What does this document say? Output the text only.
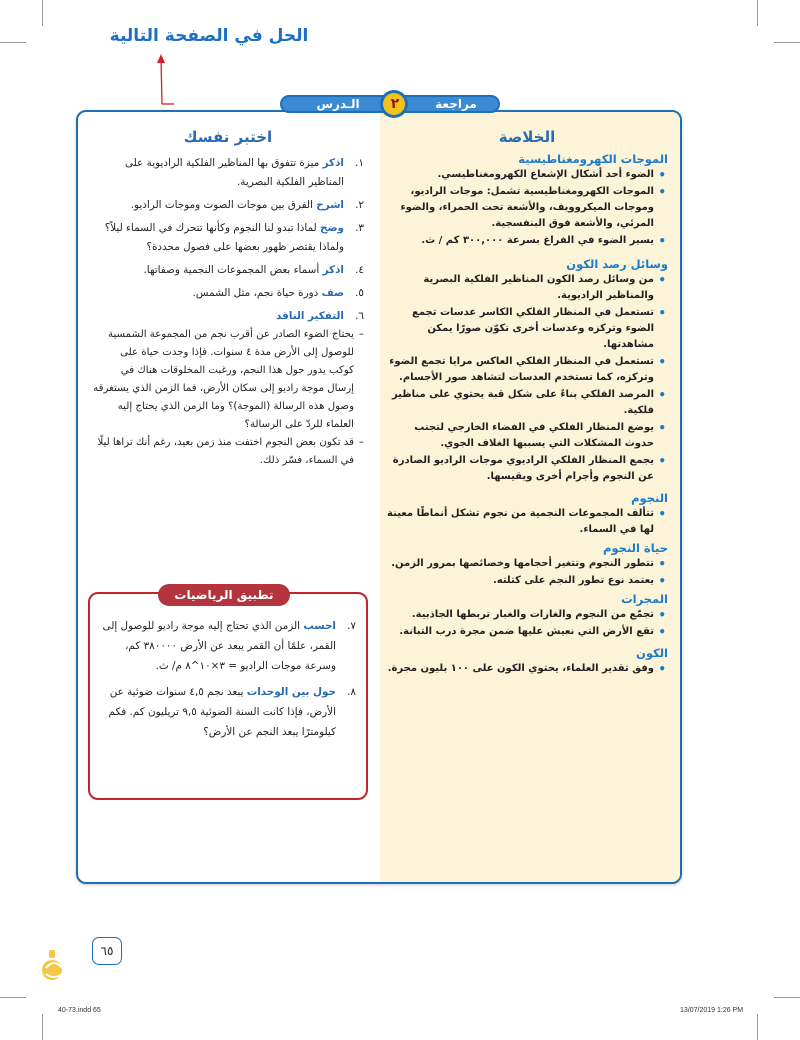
الحل في الصفحة التالية
الـدرس	٢	مراجعة
الخلاصة
الموجات الكهرومغناطيسية
• الضوء أحد أشكال الإشعاع الكهرومغناطيسي.
• الموجات الكهرومغناطيسية تشمل: موجات الراديو، وموجات الميكروويف، والأشعة تحت الحمراء، والضوء المرئي، والأشعة فوق البنفسجية.
• يسير الضوء في الفراغ بسرعة ٣٠٠,٠٠٠ كم / ث.
وسائل رصد الكون
• من وسائل رصد الكون المناظير الفلكية البصرية والمناظير الراديوية.
• تستعمل في المنظار الفلكي الكاسر عدسات تجمع الضوء وتركزه وعدسات أخرى تكوّن صورًا يمكن مشاهدتها.
• تستعمل في المنظار الفلكي العاكس مرايا تجمع الضوء وتركزه، كما تستخدم العدسات لتشاهد صور الأجسام.
• المرصد الفلكي بناءٌ على شكل قبة يحتوي على مناظير فلكية.
• يوضع المنظار الفلكي في الفضاء الخارجي لتجنب حدوث المشكلات التي يسببها الغلاف الجوي.
• يجمع المنظار الفلكي الراديوي موجات الراديو الصادرة عن النجوم وأجرام أخرى ويقيسها.
النجوم
• تتألف المجموعات النجمية من نجوم تشكل أنماطًا معينة لها في السماء.
حياة النجوم
• تتطور النجوم وتتغير أحجامها وخصائصها بمرور الزمن.
• يعتمد نوع تطور النجم على كتلته.
المجرات
• تجمّع من النجوم والغازات والغبار تربطها الجاذبية.
• تقع الأرض التي نعيش عليها ضمن مجرة درب التبانة.
الكون
• وفق تقدير العلماء، يحتوي الكون على ١٠٠ بليون مجرة.
اختبر نفسك
١.
اذكر ميزة تتفوق بها المناظير الفلكية الراديوية على المناظير الفلكية البصرية.
٢.
اشرح الفرق بين موجات الصوت وموجات الراديو.
٣.
وضح لماذا تبدو لنا النجوم وكأنها تتحرك في السماء ليلاً؟ ولماذا يقتصر ظهور بعضها على فصول محددة؟
٤.
اذكر أسماء بعض المجموعات النجمية وصفاتها.
٥.
صف دورة حياة نجم، مثل الشمس.
٦.
التفكير الناقد
– يحتاج الضوء الصادر عن أقرب نجم من المجموعة الشمسية للوصول إلى الأرض مدة ٤ سنوات. فإذا وجدت حياة على كوكب يدور حول هذا النجم، ورغبت المخلوقات هناك في إرسال موجة راديو إلى سكان الأرض، فما الزمن الذي يستغرقه وصول هذه الرسالة (الموجة)؟ وما الزمن الذي يحتاج إليه العلماء للردّ على الرسالة؟
– قد تكون بعض النجوم اختفت منذ زمن بعيد، رغم أنك تراها ليلًا في السماء، فسّر ذلك.
تطبيق الرياضيات
٧.
احسب الزمن الذي تحتاج إليه موجة راديو للوصول إلى القمر، علمًا أن القمر يبعد عن الأرض ٣٨٠٠٠٠ كم، وسرعة موجات الراديو = ٣×١٠^٨ م/ ث.
٨.
حول بين الوحدات يبعد نجم ٤,٥ سنوات ضوئية عن الأرض، فإذا كانت السنة الضوئية ٩,٥ تريليون كم. فكم كيلومترًا يبعد النجم عن الأرض؟
٦٥
40-73.indd 65	13/07/2019 1:26 PM
